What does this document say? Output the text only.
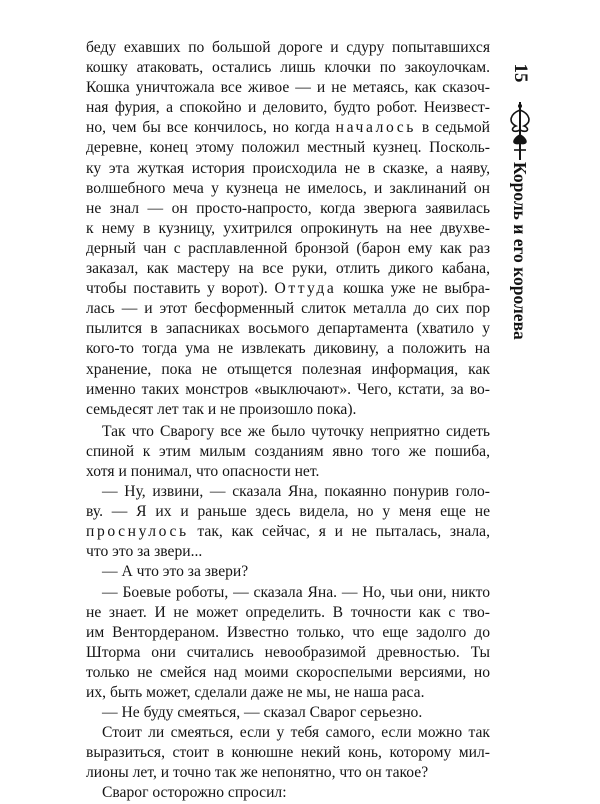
беду ехавших по большой дороге и сдуру попытавшихся
кошку атаковать, остались лишь клочки по закоулочкам.
Кошка уничтожала все живое — и не метаясь, как сказоч-
ная фурия, а спокойно и деловито, будто робот. Неизвест-
но, чем бы все кончилось, но когда началось в седьмой
деревне, конец этому положил местный кузнец. Посколь-
ку эта жуткая история происходила не в сказке, а наяву,
волшебного меча у кузнеца не имелось, и заклинаний он
не знал — он просто-напросто, когда зверюга заявилась
к нему в кузницу, ухитрился опрокинуть на нее двухве-
дерный чан с расплавленной бронзой (барон ему как раз
заказал, как мастеру на все руки, отлить дикого кабана,
чтобы поставить у ворот). Оттуда кошка уже не выбра-
лась — и этот бесформенный слиток металла до сих пор
пылится в запасниках восьмого департамента (хватило у
кого-то тогда ума не извлекать диковину, а положить на
хранение, пока не отыщется полезная информация, как
именно таких монстров «выключают». Чего, кстати, за во-
семьдесят лет так и не произошло пока).
Так что Сварогу все же было чуточку неприятно сидеть
спиной к этим милым созданиям явно того же пошиба,
хотя и понимал, что опасности нет.
— Ну, извини, — сказала Яна, покаянно понурив голо-
ву. — Я их и раньше здесь видела, но у меня еще не
проснулось так, как сейчас, я и не пыталась, знала,
что это за звери...
— А что это за звери?
— Боевые роботы, — сказала Яна. — Но, чьи они, никто
не знает. И не может определить. В точности как с тво-
им Вентордераном. Известно только, что еще задолго до
Шторма они считались невообразимой древностью. Ты
только не смейся над моими скороспелыми версиями, но
их, быть может, сделали даже не мы, не наша раса.
— Не буду смеяться, — сказал Сварог серьезно.
Стоит ли смеяться, если у тебя самого, если можно так
выразиться, стоит в конюшне некий конь, которому мил-
лионы лет, и точно так же непонятно, что он такое?
Сварог осторожно спросил:
15
Король и его королева
